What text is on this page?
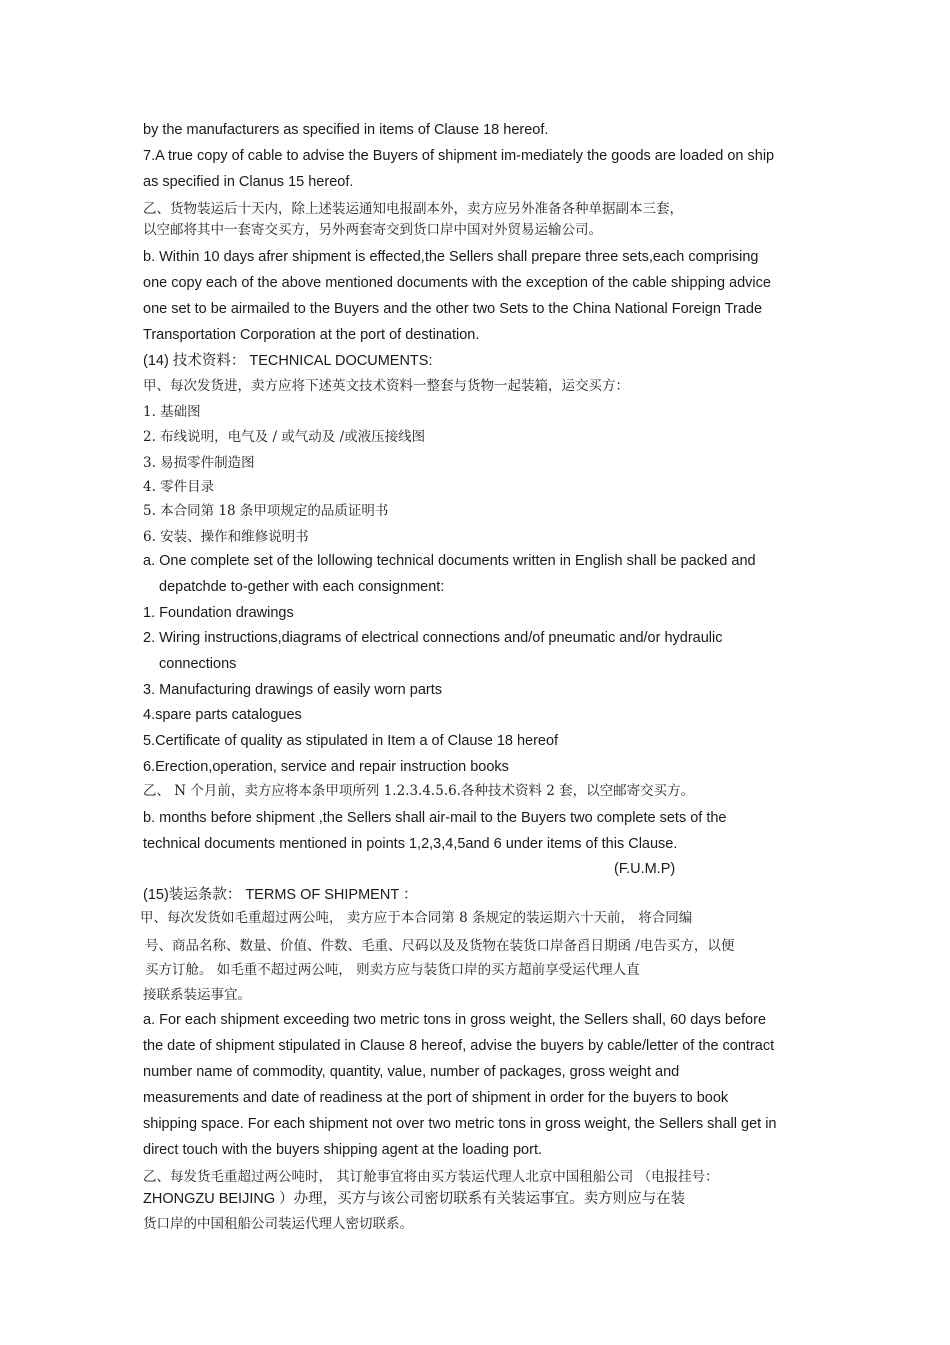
by the manufacturers as specified in items of Clause 18 hereof.
7.A true copy of cable to advise the Buyers of shipment im-mediately the goods are loaded on ship
as specified in Clanus 15 hereof.
乙、货物装运后十天内，除上述装运通知电报副本外，卖方应另外准备各种单据副本三套，
以空邮将其中一套寄交买方，另外两套寄交到货口岸中国对外贸易运输公司。
b. Within 10 days afrer shipment is effected,the Sellers shall prepare three sets,each comprising
one copy each of the above mentioned documents with the exception of the cable shipping advice
one set to be airmailed to the Buyers and the other two Sets to the China National Foreign Trade
Transportation Corporation at the port of destination.
(14) 技术资料： TECHNICAL DOCUMENTS:
甲、每次发货进，卖方应将下述英文技术资料一整套与货物一起装箱，运交买方：
1. 基础图
2. 布线说明，电气及 / 或气动及 /或液压接线图
3. 易损零件制造图
4. 零件目录
5. 本合同第 18 条甲项规定的品质证明书
6. 安装、操作和维修说明书
a. One complete set of the lollowing technical documents written in English shall be packed and
depatchde to-gether with each consignment:
1. Foundation drawings
2. Wiring instructions,diagrams of electrical connections and/of pneumatic and/or hydraulic
connections
3. Manufacturing drawings of easily worn parts
4.spare parts catalogues
5.Certificate of quality as stipulated in Item a of Clause 18 hereof
6.Erection,operation, service and repair instruction books
乙、 N 个月前，卖方应将本条甲项所列 1.2.3.4.5.6.各种技术资料 2 套，以空邮寄交买方。
b. months before shipment ,the Sellers shall air-mail to the Buyers two complete sets of the
technical documents mentioned in points 1,2,3,4,5and 6 under items of this Clause.
(F.U.M.P)
(15)装运条款： TERMS OF SHIPMENT ：
甲、每次发货如毛重超过两公吨， 卖方应于本合同第 8 条规定的装运期六十天前， 将合同编
号、商品名称、数量、价值、件数、毛重、尺码以及及货物在装货口岸备舀日期函 /电告买方，以便
买方订舱。 如毛重不超过两公吨， 则卖方应与装货口岸的买方超前享受运代理人直
接联系装运事宜。
a. For each shipment exceeding two metric tons in gross weight, the Sellers shall, 60 days before
the date of shipment stipulated in Clause 8 hereof, advise the buyers by cable/letter of the contract
number name of commodity, quantity, value, number of packages, gross weight and
measurements and date of readiness at the port of shipment in order for the buyers to book
shipping space. For each shipment not over two metric tons in gross weight, the Sellers shall get in
direct touch with the buyers shipping agent at the loading port.
乙、每发货毛重超过两公吨时， 其订舱事宜将由买方装运代理人北京中国租船公司 （电报挂号：
ZHONGZU BEIJING ）办理，买方与该公司密切联系有关装运事宜。卖方则应与在装
货口岸的中国租船公司装运代理人密切联系。
